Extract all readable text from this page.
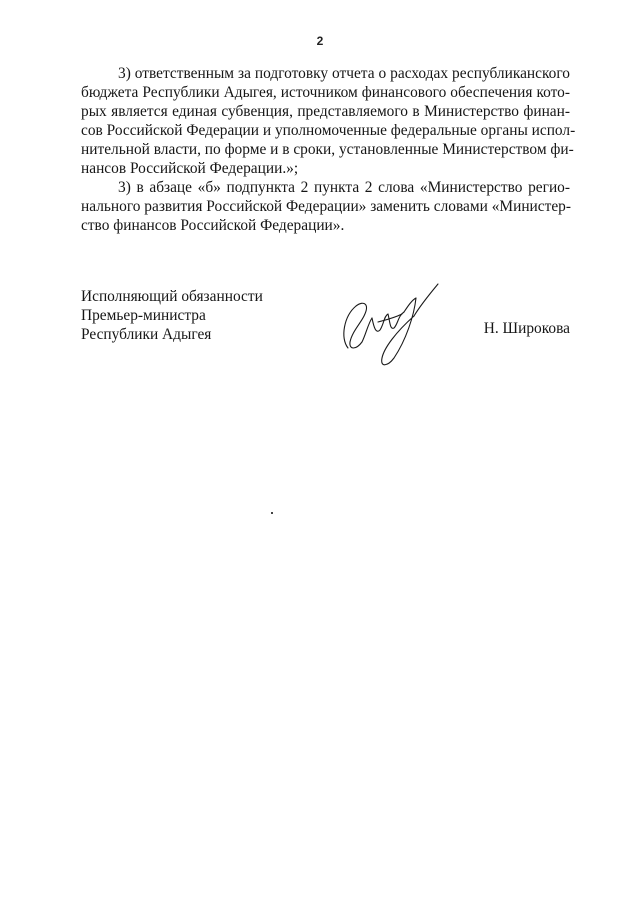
2
3) ответственным за подготовку отчета о расходах республиканского
бюджета Республики Адыгея, источником финансового обеспечения кото-
рых является единая субвенция, представляемого в Министерство финан-
сов Российской Федерации и уполномоченные федеральные органы испол-
нительной власти, по форме и в сроки, установленные Министерством фи-
нансов Российской Федерации.»;
3) в абзаце «б» подпункта 2 пункта 2 слова «Министерство регио-
нального развития Российской Федерации» заменить словами «Министер-
ство финансов Российской Федерации».
Исполняющий обязанности
Премьер-министра
Республики Адыгея	Н. Широкова
